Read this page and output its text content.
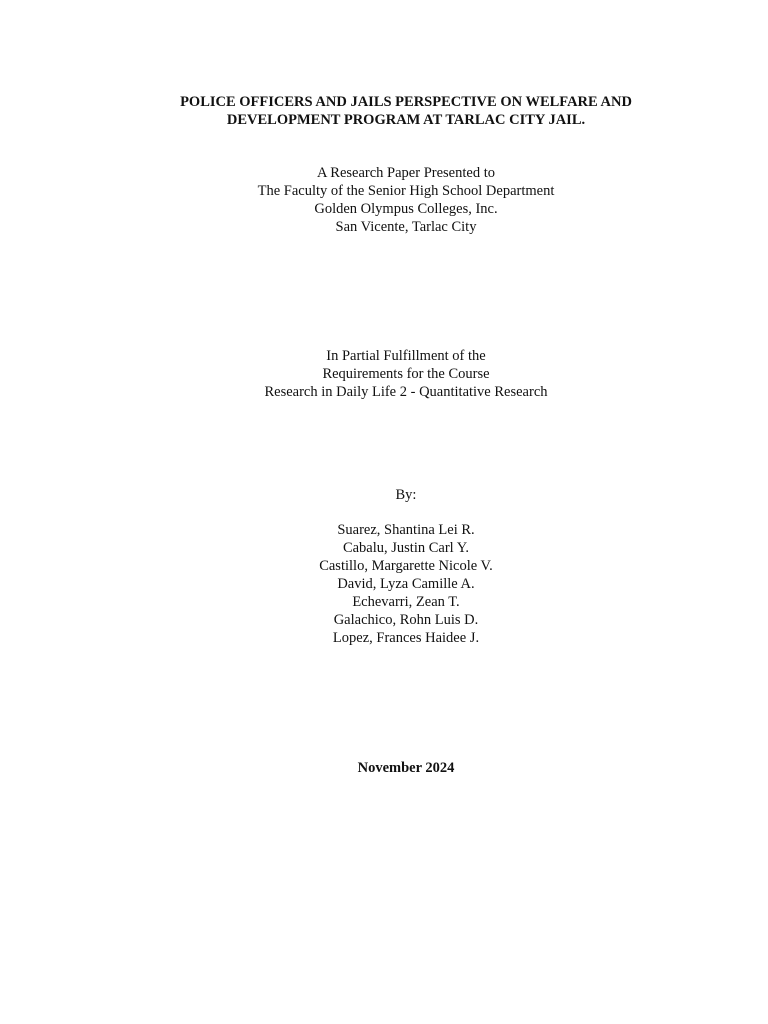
POLICE OFFICERS AND JAILS PERSPECTIVE ON WELFARE AND
DEVELOPMENT PROGRAM AT TARLAC CITY JAIL.
A Research Paper Presented to
The Faculty of the Senior High School Department
Golden Olympus Colleges, Inc.
San Vicente, Tarlac City
In Partial Fulfillment of the
Requirements for the Course
Research in Daily Life 2 - Quantitative Research
By:
Suarez, Shantina Lei R.
Cabalu, Justin Carl Y.
Castillo, Margarette Nicole V.
David, Lyza Camille A.
Echevarri, Zean T.
Galachico, Rohn Luis D.
Lopez, Frances Haidee J.
November 2024
